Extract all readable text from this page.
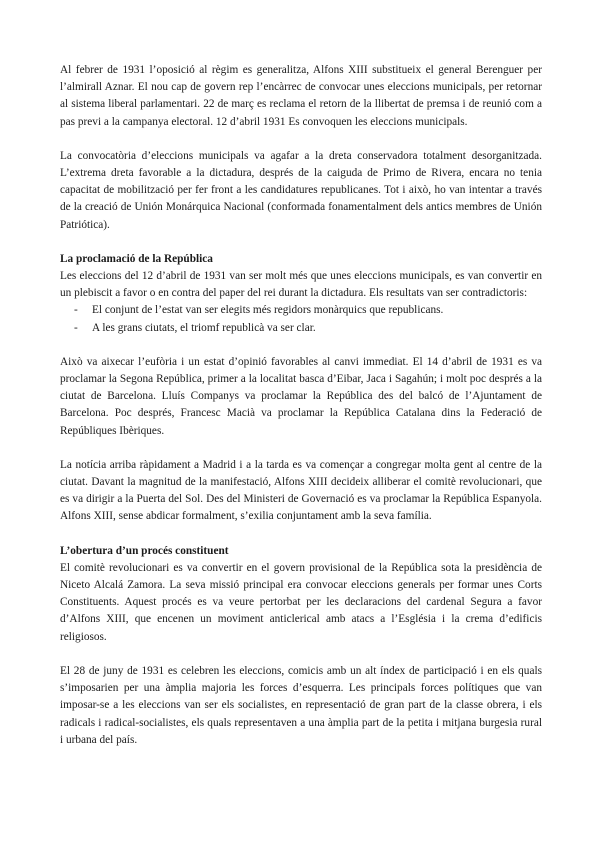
Al febrer de 1931 l’oposició al règim es generalitza, Alfons XIII substitueix el general Berenguer per l’almirall Aznar. El nou cap de govern rep l’encàrrec de convocar unes eleccions municipals, per retornar al sistema liberal parlamentari. 22 de març es reclama el retorn de la llibertat de premsa i de reunió com a pas previ a la campanya electoral. 12 d’abril 1931 Es convoquen les eleccions municipals.

La convocatòria d’eleccions municipals va agafar a la dreta conservadora totalment desorganitzada. L’extrema dreta favorable a la dictadura, després de la caiguda de Primo de Rivera, encara no tenia capacitat de mobilització per fer front a les candidatures republicanes. Tot i això, ho van intentar a través de la creació de Unión Monárquica Nacional (conformada fonamentalment dels antics membres de Unión Patriótica).

La proclamació de la República

Les eleccions del 12 d’abril de 1931 van ser molt més que unes eleccions municipals, es van convertir en un plebiscit a favor o en contra del paper del rei durant la dictadura. Els resultats van ser contradictoris:

- El conjunt de l’estat van ser elegits més regidors monàrquics que republicans.
- A les grans ciutats, el triomf republicà va ser clar.

Això va aixecar l’eufòria i un estat d’opinió favorables al canvi immediat. El 14 d’abril de 1931 es va proclamar la Segona República, primer a la localitat basca d’Eibar, Jaca i Sagahún; i molt poc després a la ciutat de Barcelona. Lluís Companys va proclamar la República des del balcó de l’Ajuntament de Barcelona. Poc després, Francesc Macià va proclamar la República Catalana dins la Federació de Repúbliques Ibèriques.

La notícia arriba ràpidament a Madrid i a la tarda es va començar a congregar molta gent al centre de la ciutat. Davant la magnitud de la manifestació, Alfons XIII decideix alliberar el comitè revolucionari, que es va dirigir a la Puerta del Sol. Des del Ministeri de Governació es va proclamar la República Espanyola. Alfons XIII, sense abdicar formalment, s’exilia conjuntament amb la seva família.

L’obertura d’un procés constituent

El comitè revolucionari es va convertir en el govern provisional de la República sota la presidència de Niceto Alcalá Zamora. La seva missió principal era convocar eleccions generals per formar unes Corts Constituents. Aquest procés es va veure pertorbat per les declaracions del cardenal Segura a favor d’Alfons XIII, que encenen un moviment anticlerical amb atacs a l’Església i la crema d’edificis religiosos.

El 28 de juny de 1931 es celebren les eleccions, comicis amb un alt índex de participació i en els quals s’imposarien per una àmplia majoria les forces d’esquerra. Les principals forces polítiques que van imposar-se a les eleccions van ser els socialistes, en representació de gran part de la classe obrera, i els radicals i radical-socialistes, els quals representaven a una àmplia part de la petita i mitjana burgesia rural i urbana del país.
